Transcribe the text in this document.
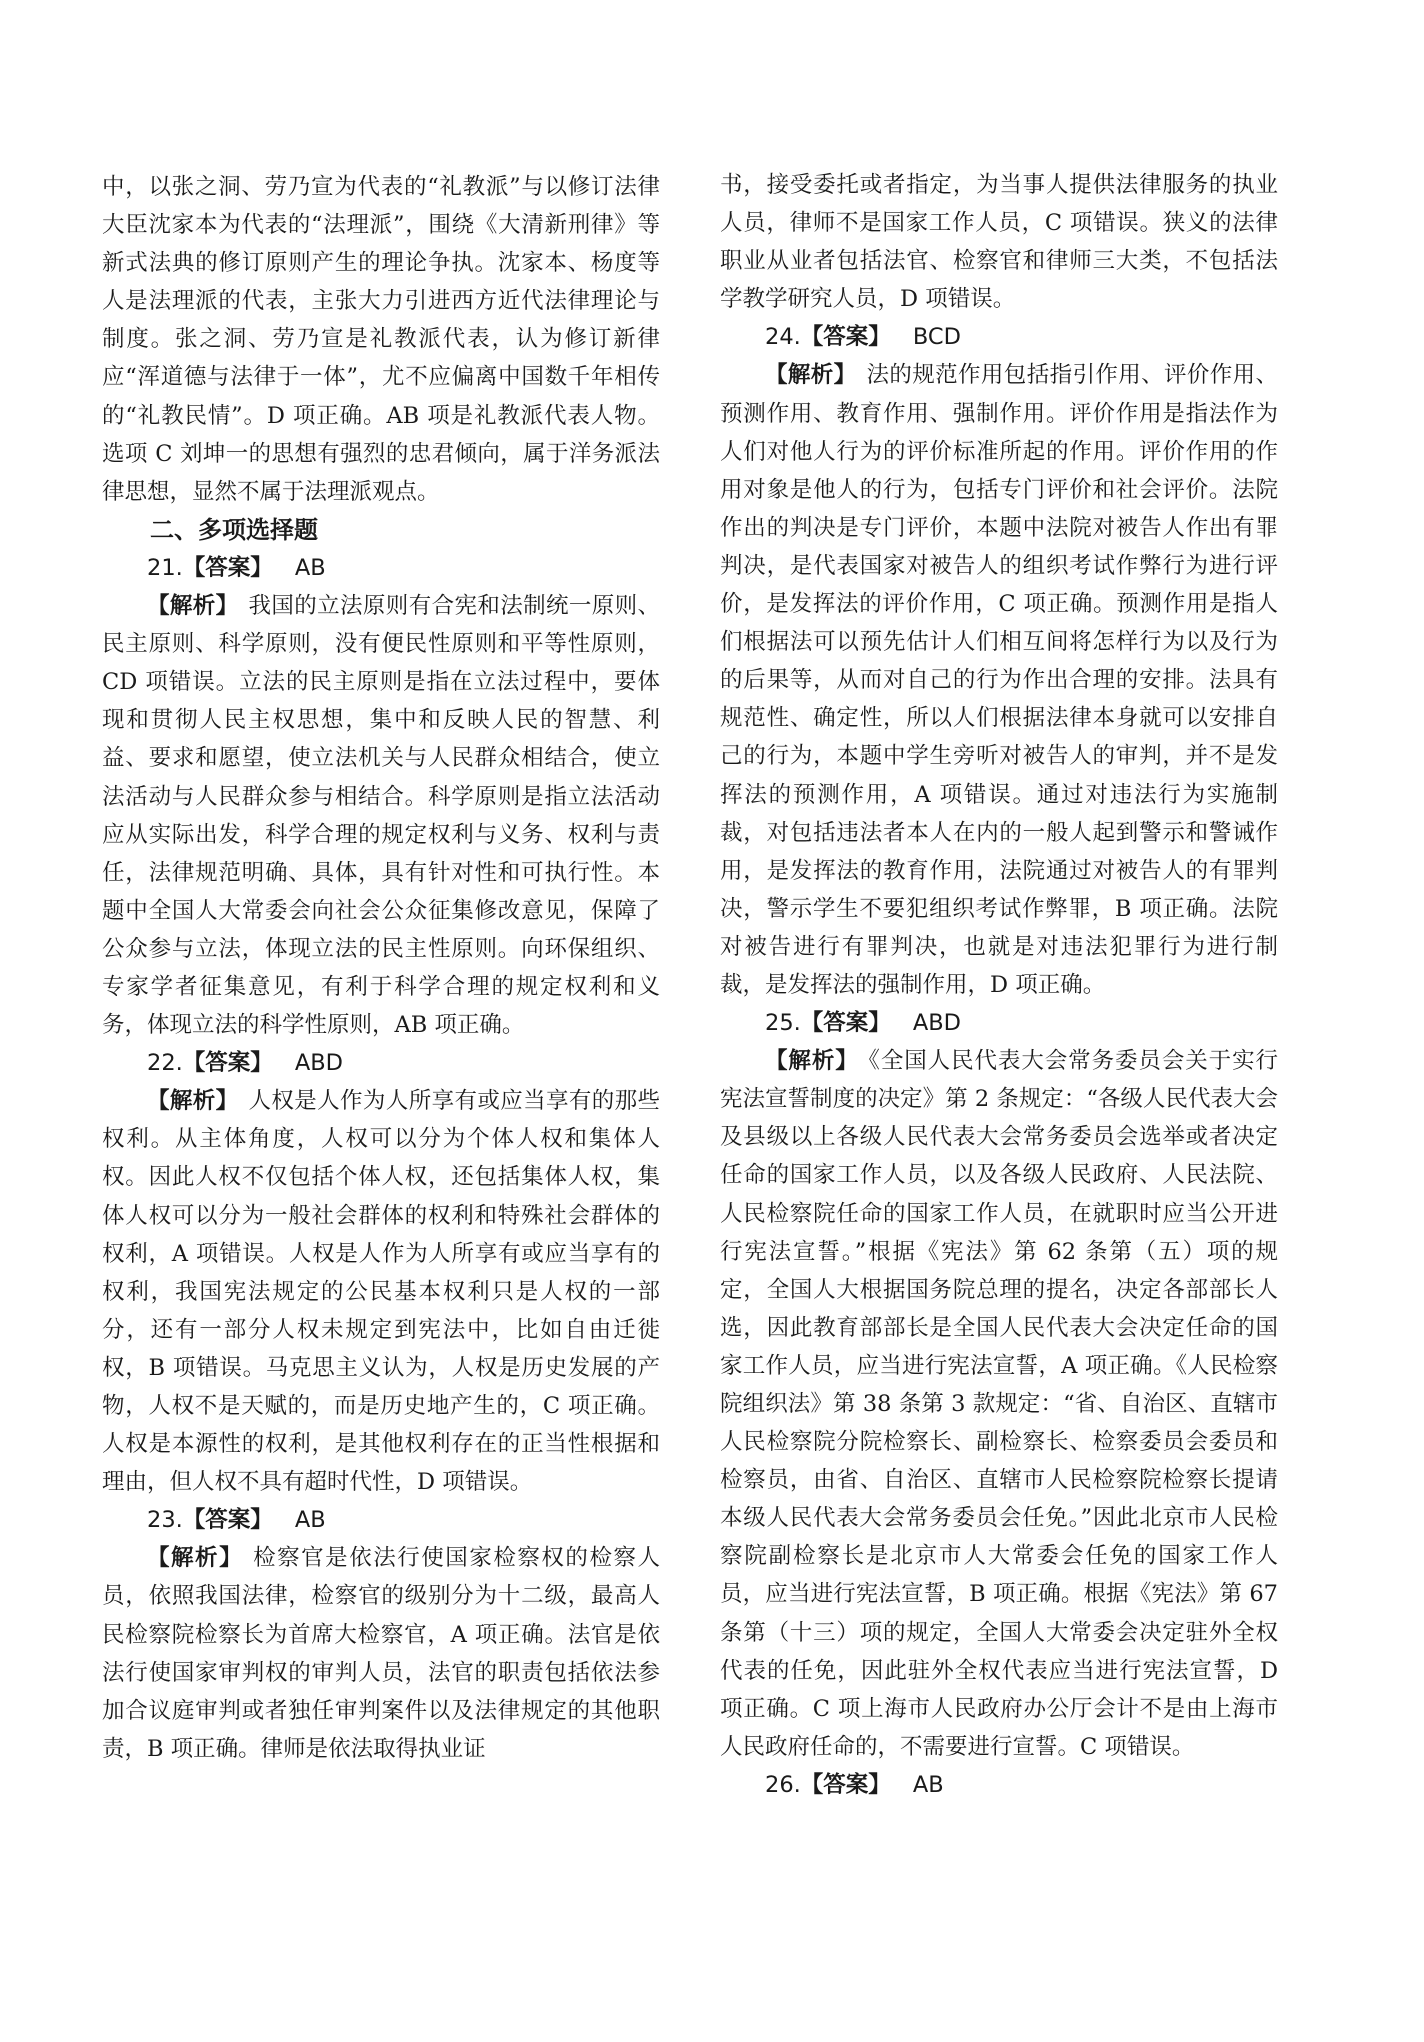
中，以张之洞、劳乃宣为代表的“礼教派”与以修订法律大臣沈家本为代表的“法理派”，围绕《大清新刑律》等新式法典的修订原则产生的理论争执。沈家本、杨度等人是法理派的代表，主张大力引进西方近代法律理论与制度。张之洞、劳乃宣是礼教派代表，认为修订新律应“浑道德与法律于一体”，尤不应偏离中国数千年相传的“礼教民情”。D 项正确。AB 项是礼教派代表人物。选项 C 刘坤一的思想有强烈的忠君倾向，属于洋务派法律思想，显然不属于法理派观点。

二、多项选择题

21.【答案】 AB

【解析】 我国的立法原则有合宪和法制统一原则、民主原则、科学原则，没有便民性原则和平等性原则，CD 项错误。立法的民主原则是指在立法过程中，要体现和贯彻人民主权思想，集中和反映人民的智慧、利益、要求和愿望，使立法机关与人民群众相结合，使立法活动与人民群众参与相结合。科学原则是指立法活动应从实际出发，科学合理的规定权利与义务、权利与责任，法律规范明确、具体，具有针对性和可执行性。本题中全国人大常委会向社会公众征集修改意见，保障了公众参与立法，体现立法的民主性原则。向环保组织、专家学者征集意见，有利于科学合理的规定权利和义务，体现立法的科学性原则，AB 项正确。

22.【答案】 ABD

【解析】 人权是人作为人所享有或应当享有的那些权利。从主体角度，人权可以分为个体人权和集体人权。因此人权不仅包括个体人权，还包括集体人权，集体人权可以分为一般社会群体的权利和特殊社会群体的权利，A 项错误。人权是人作为人所享有或应当享有的权利，我国宪法规定的公民基本权利只是人权的一部分，还有一部分人权未规定到宪法中，比如自由迁徙权，B 项错误。马克思主义认为，人权是历史发展的产物，人权不是天赋的，而是历史地产生的，C 项正确。人权是本源性的权利，是其他权利存在的正当性根据和理由，但人权不具有超时代性，D 项错误。

23.【答案】 AB

【解析】 检察官是依法行使国家检察权的检察人员，依照我国法律，检察官的级别分为十二级，最高人民检察院检察长为首席大检察官，A 项正确。法官是依法行使国家审判权的审判人员，法官的职责包括依法参加合议庭审判或者独任审判案件以及法律规定的其他职责，B 项正确。律师是依法取得执业证

书，接受委托或者指定，为当事人提供法律服务的执业人员，律师不是国家工作人员，C 项错误。狭义的法律职业从业者包括法官、检察官和律师三大类，不包括法学教学研究人员，D 项错误。

24.【答案】 BCD

【解析】 法的规范作用包括指引作用、评价作用、预测作用、教育作用、强制作用。评价作用是指法作为人们对他人行为的评价标准所起的作用。评价作用的作用对象是他人的行为，包括专门评价和社会评价。法院作出的判决是专门评价，本题中法院对被告人作出有罪判决，是代表国家对被告人的组织考试作弊行为进行评价，是发挥法的评价作用，C 项正确。预测作用是指人们根据法可以预先估计人们相互间将怎样行为以及行为的后果等，从而对自己的行为作出合理的安排。法具有规范性、确定性，所以人们根据法律本身就可以安排自己的行为，本题中学生旁听对被告人的审判，并不是发挥法的预测作用，A 项错误。通过对违法行为实施制裁，对包括违法者本人在内的一般人起到警示和警诫作用，是发挥法的教育作用，法院通过对被告人的有罪判决，警示学生不要犯组织考试作弊罪，B 项正确。法院对被告进行有罪判决，也就是对违法犯罪行为进行制裁，是发挥法的强制作用，D 项正确。

25.【答案】 ABD

【解析】 《全国人民代表大会常务委员会关于实行宪法宣誓制度的决定》第 2 条规定：“各级人民代表大会及县级以上各级人民代表大会常务委员会选举或者决定任命的国家工作人员，以及各级人民政府、人民法院、人民检察院任命的国家工作人员，在就职时应当公开进行宪法宣誓。”根据《宪法》第 62 条第（五）项的规定，全国人大根据国务院总理的提名，决定各部部长人选，因此教育部部长是全国人民代表大会决定任命的国家工作人员，应当进行宪法宣誓，A 项正确。《人民检察院组织法》第 38 条第 3 款规定：“省、自治区、直辖市人民检察院分院检察长、副检察长、检察委员会委员和检察员，由省、自治区、直辖市人民检察院检察长提请本级人民代表大会常务委员会任免。”因此北京市人民检察院副检察长是北京市人大常委会任免的国家工作人员，应当进行宪法宣誓，B 项正确。根据《宪法》第 67 条第（十三）项的规定，全国人大常委会决定驻外全权代表的任免，因此驻外全权代表应当进行宪法宣誓，D 项正确。C 项上海市人民政府办公厅会计不是由上海市人民政府任命的，不需要进行宣誓。C 项错误。

26.【答案】 AB
